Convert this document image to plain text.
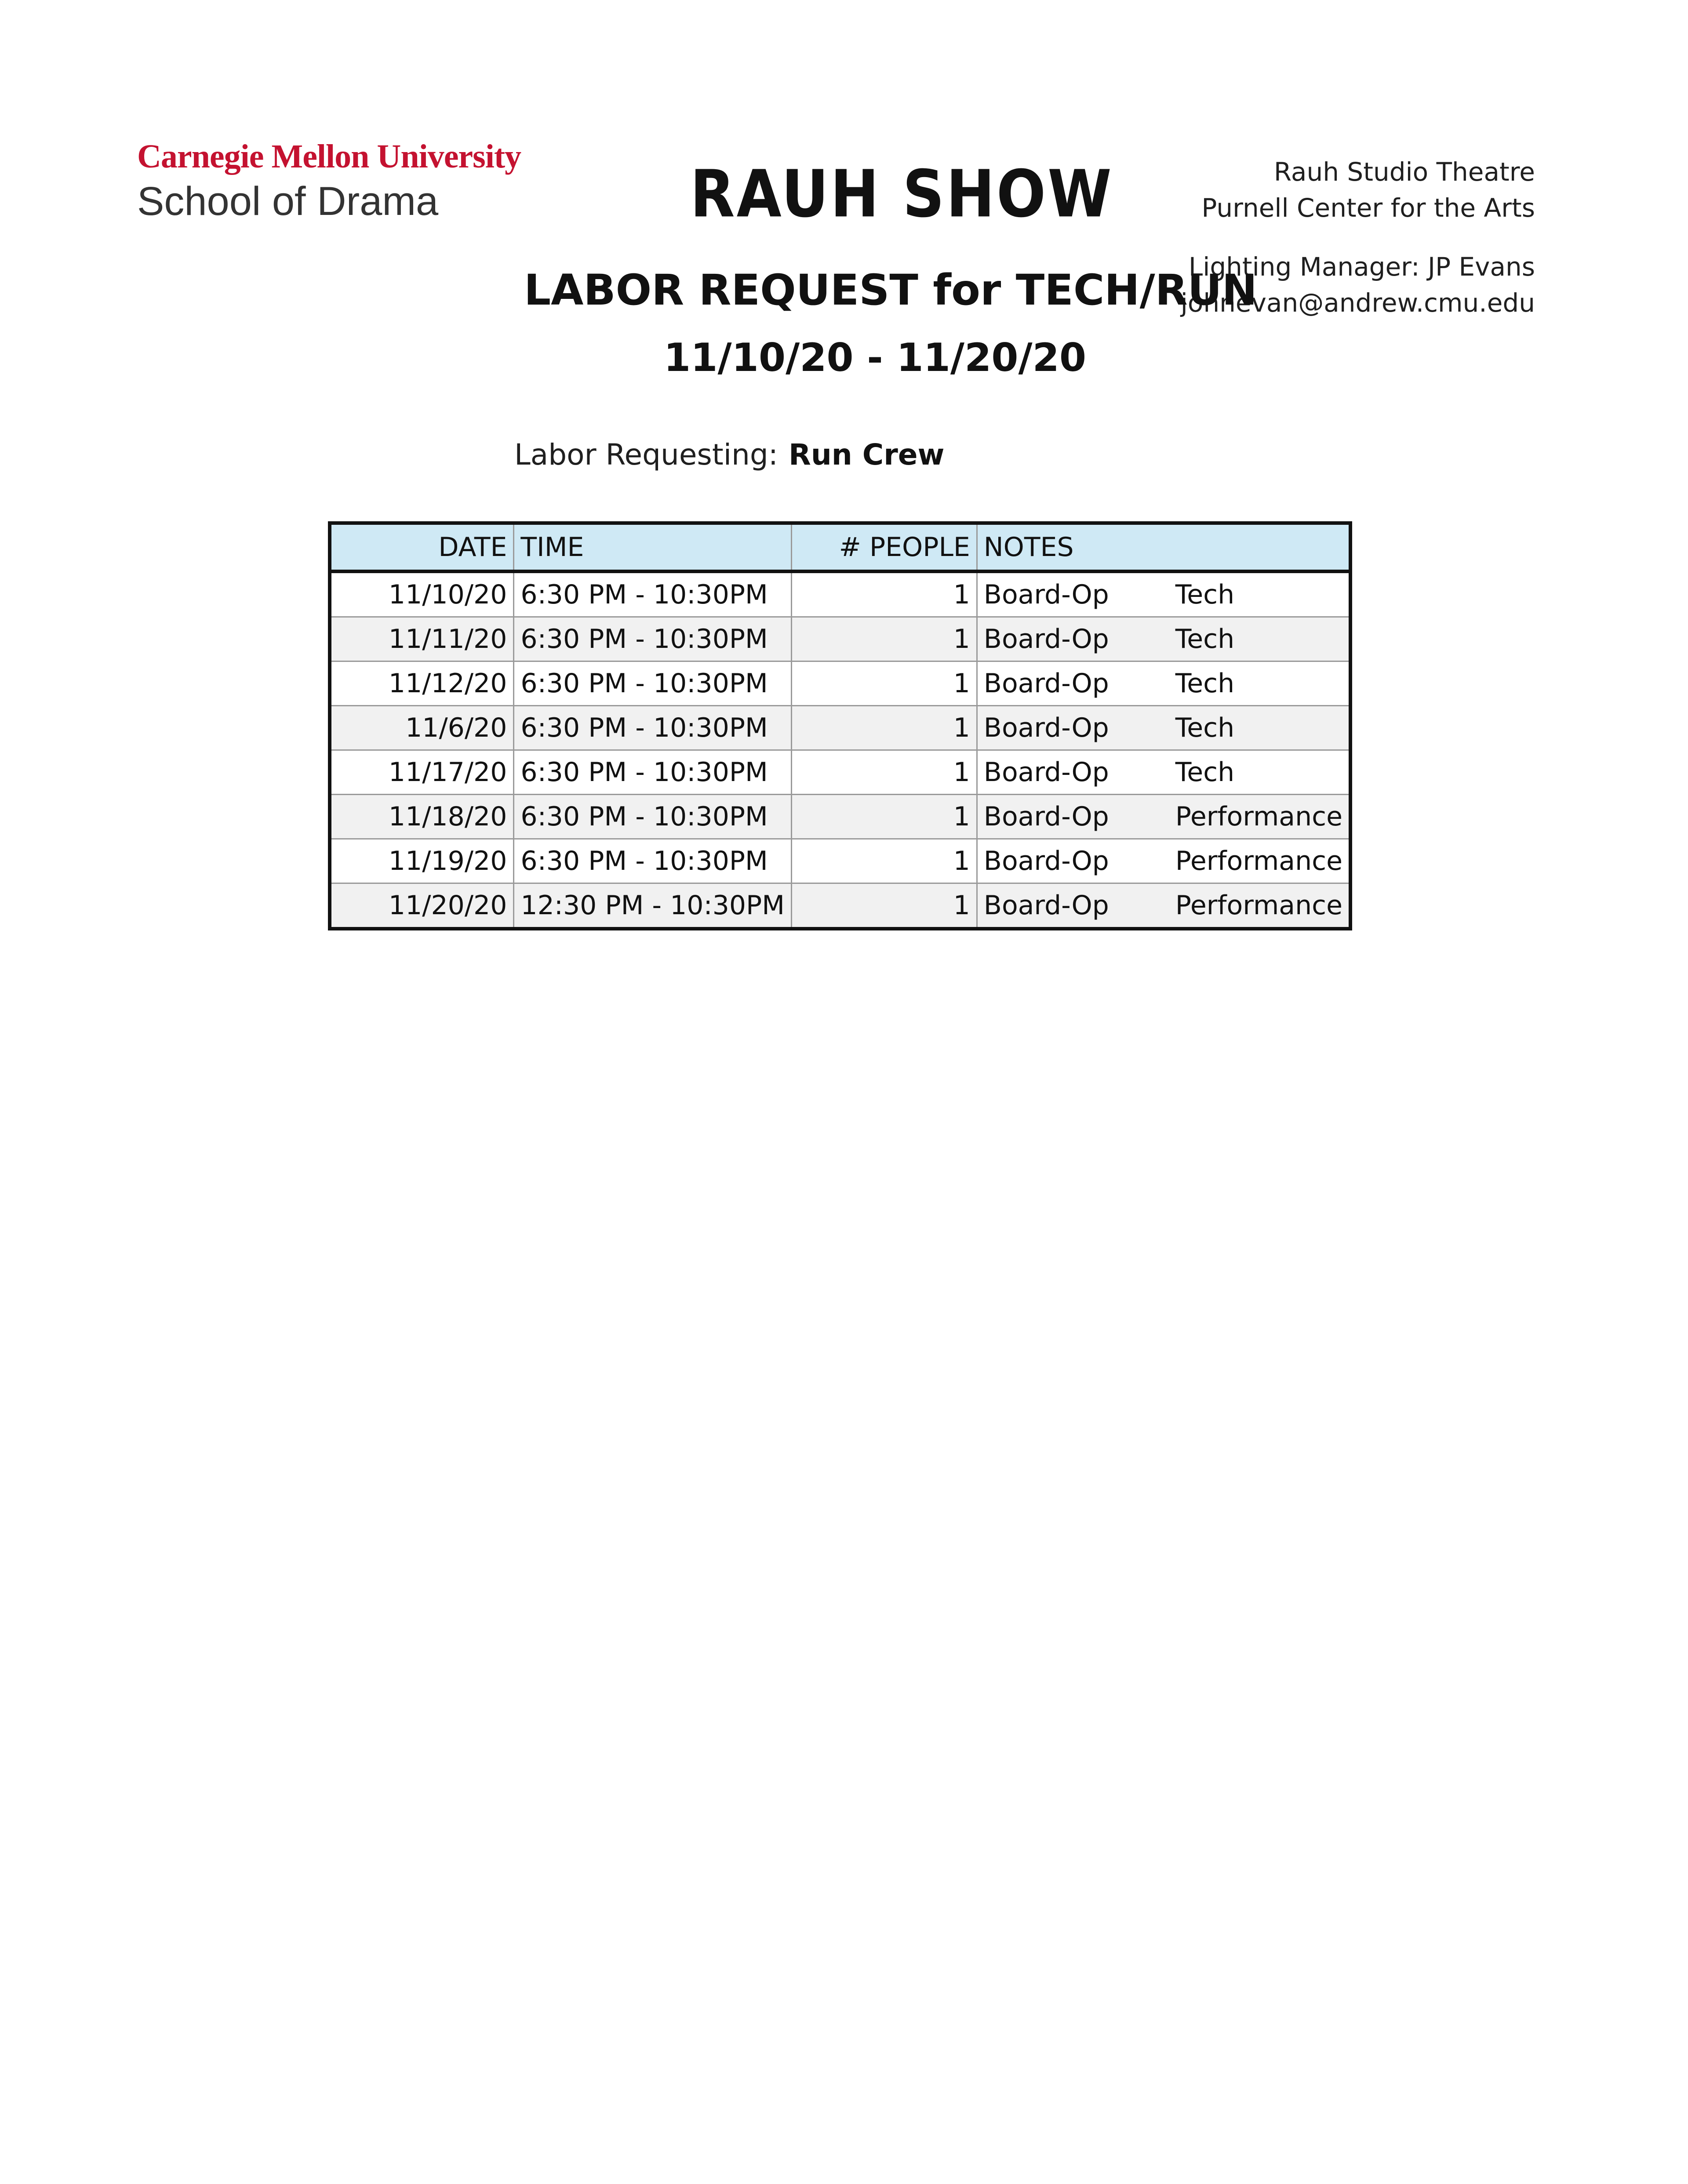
Carnegie Mellon University
School of Drama	RAUH SHOW	Rauh Studio Theatre
Purnell Center for the Arts
Lighting Manager: JP Evans
johnevan@andrew.cmu.edu
LABOR REQUEST for TECH/RUN
11/10/20 - 11/20/20
Labor Requesting: Run Crew
DATE	TIME	# PEOPLE	NOTES
11/10/20	6:30 PM - 10:30PM	1	Board-Op Tech
11/11/20	6:30 PM - 10:30PM	1	Board-Op Tech
11/12/20	6:30 PM - 10:30PM	1	Board-Op Tech
11/6/20	6:30 PM - 10:30PM	1	Board-Op Tech
11/17/20	6:30 PM - 10:30PM	1	Board-Op Tech
11/18/20	6:30 PM - 10:30PM	1	Board-Op Performance
11/19/20	6:30 PM - 10:30PM	1	Board-Op Performance
11/20/20	12:30 PM - 10:30PM	1	Board-Op Performance
